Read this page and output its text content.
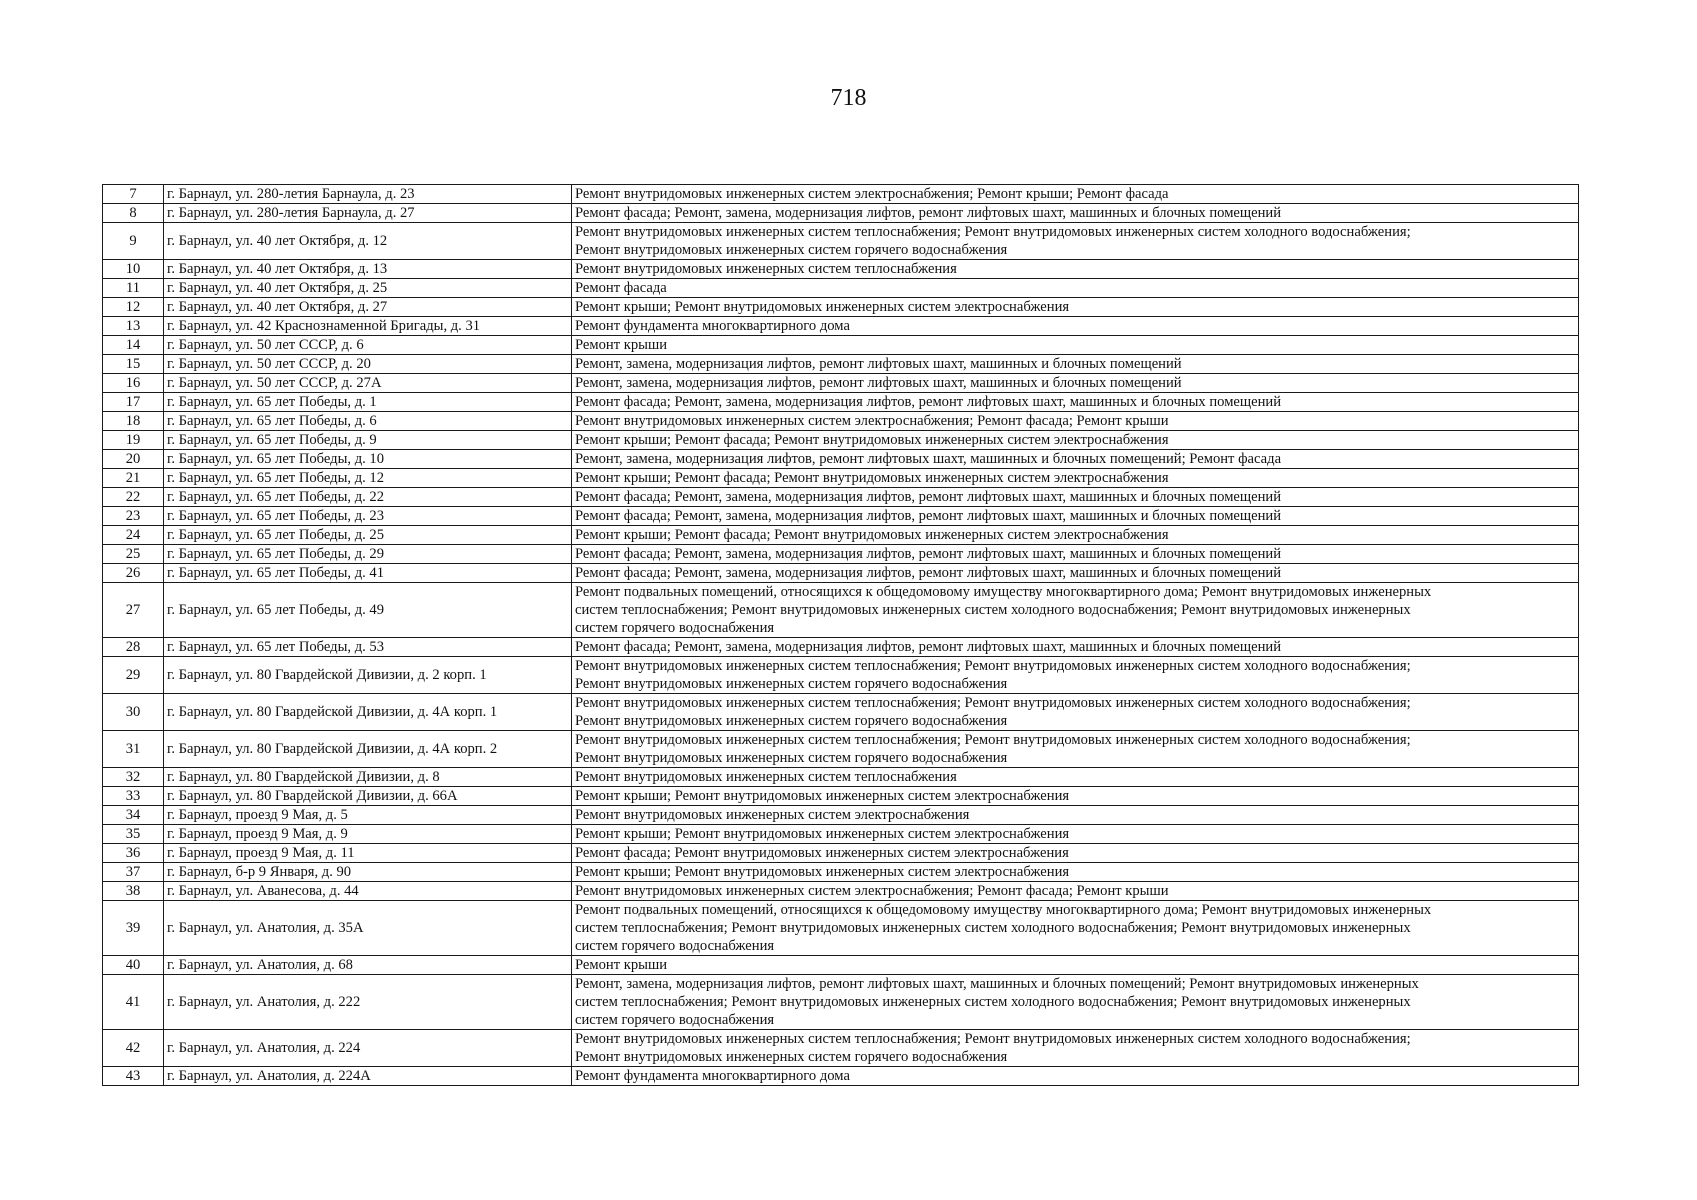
718
7	г. Барнаул, ул. 280-летия Барнаула, д. 23	Ремонт внутридомовых инженерных систем электроснабжения; Ремонт крыши; Ремонт фасада
8	г. Барнаул, ул. 280-летия Барнаула, д. 27	Ремонт фасада; Ремонт, замена, модернизация лифтов, ремонт лифтовых шахт, машинных и блочных помещений
9	г. Барнаул, ул. 40 лет Октября, д. 12	Ремонт внутридомовых инженерных систем теплоснабжения; Ремонт внутридомовых инженерных систем холодного водоснабжения;
Ремонт внутридомовых инженерных систем горячего водоснабжения
10	г. Барнаул, ул. 40 лет Октября, д. 13	Ремонт внутридомовых инженерных систем теплоснабжения
11	г. Барнаул, ул. 40 лет Октября, д. 25	Ремонт фасада
12	г. Барнаул, ул. 40 лет Октября, д. 27	Ремонт крыши; Ремонт внутридомовых инженерных систем электроснабжения
13	г. Барнаул, ул. 42 Краснознаменной Бригады, д. 31	Ремонт фундамента многоквартирного дома
14	г. Барнаул, ул. 50 лет СССР, д. 6	Ремонт крыши
15	г. Барнаул, ул. 50 лет СССР, д. 20	Ремонт, замена, модернизация лифтов, ремонт лифтовых шахт, машинных и блочных помещений
16	г. Барнаул, ул. 50 лет СССР, д. 27А	Ремонт, замена, модернизация лифтов, ремонт лифтовых шахт, машинных и блочных помещений
17	г. Барнаул, ул. 65 лет Победы, д. 1	Ремонт фасада; Ремонт, замена, модернизация лифтов, ремонт лифтовых шахт, машинных и блочных помещений
18	г. Барнаул, ул. 65 лет Победы, д. 6	Ремонт внутридомовых инженерных систем электроснабжения; Ремонт фасада; Ремонт крыши
19	г. Барнаул, ул. 65 лет Победы, д. 9	Ремонт крыши; Ремонт фасада; Ремонт внутридомовых инженерных систем электроснабжения
20	г. Барнаул, ул. 65 лет Победы, д. 10	Ремонт, замена, модернизация лифтов, ремонт лифтовых шахт, машинных и блочных помещений; Ремонт фасада
21	г. Барнаул, ул. 65 лет Победы, д. 12	Ремонт крыши; Ремонт фасада; Ремонт внутридомовых инженерных систем электроснабжения
22	г. Барнаул, ул. 65 лет Победы, д. 22	Ремонт фасада; Ремонт, замена, модернизация лифтов, ремонт лифтовых шахт, машинных и блочных помещений
23	г. Барнаул, ул. 65 лет Победы, д. 23	Ремонт фасада; Ремонт, замена, модернизация лифтов, ремонт лифтовых шахт, машинных и блочных помещений
24	г. Барнаул, ул. 65 лет Победы, д. 25	Ремонт крыши; Ремонт фасада; Ремонт внутридомовых инженерных систем электроснабжения
25	г. Барнаул, ул. 65 лет Победы, д. 29	Ремонт фасада; Ремонт, замена, модернизация лифтов, ремонт лифтовых шахт, машинных и блочных помещений
26	г. Барнаул, ул. 65 лет Победы, д. 41	Ремонт фасада; Ремонт, замена, модернизация лифтов, ремонт лифтовых шахт, машинных и блочных помещений
27	г. Барнаул, ул. 65 лет Победы, д. 49	Ремонт подвальных помещений, относящихся к общедомовому имуществу многоквартирного дома; Ремонт внутридомовых инженерных
систем теплоснабжения; Ремонт внутридомовых инженерных систем холодного водоснабжения; Ремонт внутридомовых инженерных
систем горячего водоснабжения
28	г. Барнаул, ул. 65 лет Победы, д. 53	Ремонт фасада; Ремонт, замена, модернизация лифтов, ремонт лифтовых шахт, машинных и блочных помещений
29	г. Барнаул, ул. 80 Гвардейской Дивизии, д. 2 корп. 1	Ремонт внутридомовых инженерных систем теплоснабжения; Ремонт внутридомовых инженерных систем холодного водоснабжения;
Ремонт внутридомовых инженерных систем горячего водоснабжения
30	г. Барнаул, ул. 80 Гвардейской Дивизии, д. 4А корп. 1	Ремонт внутридомовых инженерных систем теплоснабжения; Ремонт внутридомовых инженерных систем холодного водоснабжения;
Ремонт внутридомовых инженерных систем горячего водоснабжения
31	г. Барнаул, ул. 80 Гвардейской Дивизии, д. 4А корп. 2	Ремонт внутридомовых инженерных систем теплоснабжения; Ремонт внутридомовых инженерных систем холодного водоснабжения;
Ремонт внутридомовых инженерных систем горячего водоснабжения
32	г. Барнаул, ул. 80 Гвардейской Дивизии, д. 8	Ремонт внутридомовых инженерных систем теплоснабжения
33	г. Барнаул, ул. 80 Гвардейской Дивизии, д. 66А	Ремонт крыши; Ремонт внутридомовых инженерных систем электроснабжения
34	г. Барнаул, проезд 9 Мая, д. 5	Ремонт внутридомовых инженерных систем электроснабжения
35	г. Барнаул, проезд 9 Мая, д. 9	Ремонт крыши; Ремонт внутридомовых инженерных систем электроснабжения
36	г. Барнаул, проезд 9 Мая, д. 11	Ремонт фасада; Ремонт внутридомовых инженерных систем электроснабжения
37	г. Барнаул, б-р 9 Января, д. 90	Ремонт крыши; Ремонт внутридомовых инженерных систем электроснабжения
38	г. Барнаул, ул. Аванесова, д. 44	Ремонт внутридомовых инженерных систем электроснабжения; Ремонт фасада; Ремонт крыши
39	г. Барнаул, ул. Анатолия, д. 35А	Ремонт подвальных помещений, относящихся к общедомовому имуществу многоквартирного дома; Ремонт внутридомовых инженерных
систем теплоснабжения; Ремонт внутридомовых инженерных систем холодного водоснабжения; Ремонт внутридомовых инженерных
систем горячего водоснабжения
40	г. Барнаул, ул. Анатолия, д. 68	Ремонт крыши
41	г. Барнаул, ул. Анатолия, д. 222	Ремонт, замена, модернизация лифтов, ремонт лифтовых шахт, машинных и блочных помещений; Ремонт внутридомовых инженерных
систем теплоснабжения; Ремонт внутридомовых инженерных систем холодного водоснабжения; Ремонт внутридомовых инженерных
систем горячего водоснабжения
42	г. Барнаул, ул. Анатолия, д. 224	Ремонт внутридомовых инженерных систем теплоснабжения; Ремонт внутридомовых инженерных систем холодного водоснабжения;
Ремонт внутридомовых инженерных систем горячего водоснабжения
43	г. Барнаул, ул. Анатолия, д. 224А	Ремонт фундамента многоквартирного дома
